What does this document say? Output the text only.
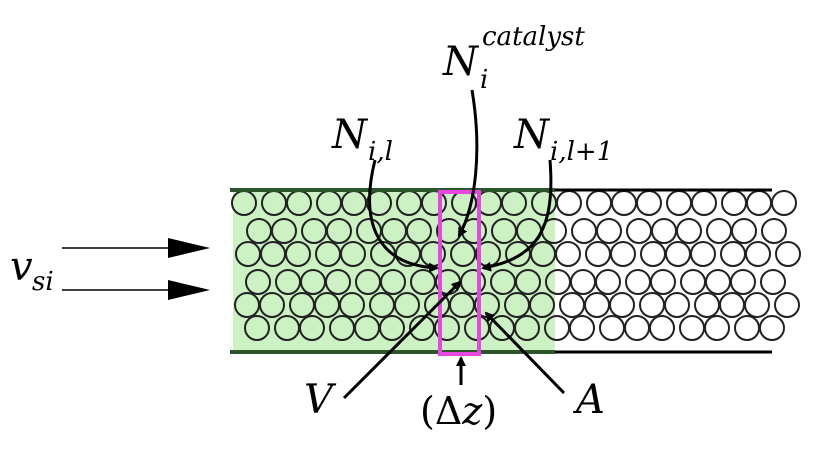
N
catalyst
i
N i,l	N i,l+1
v si
V	A
(Δz)
